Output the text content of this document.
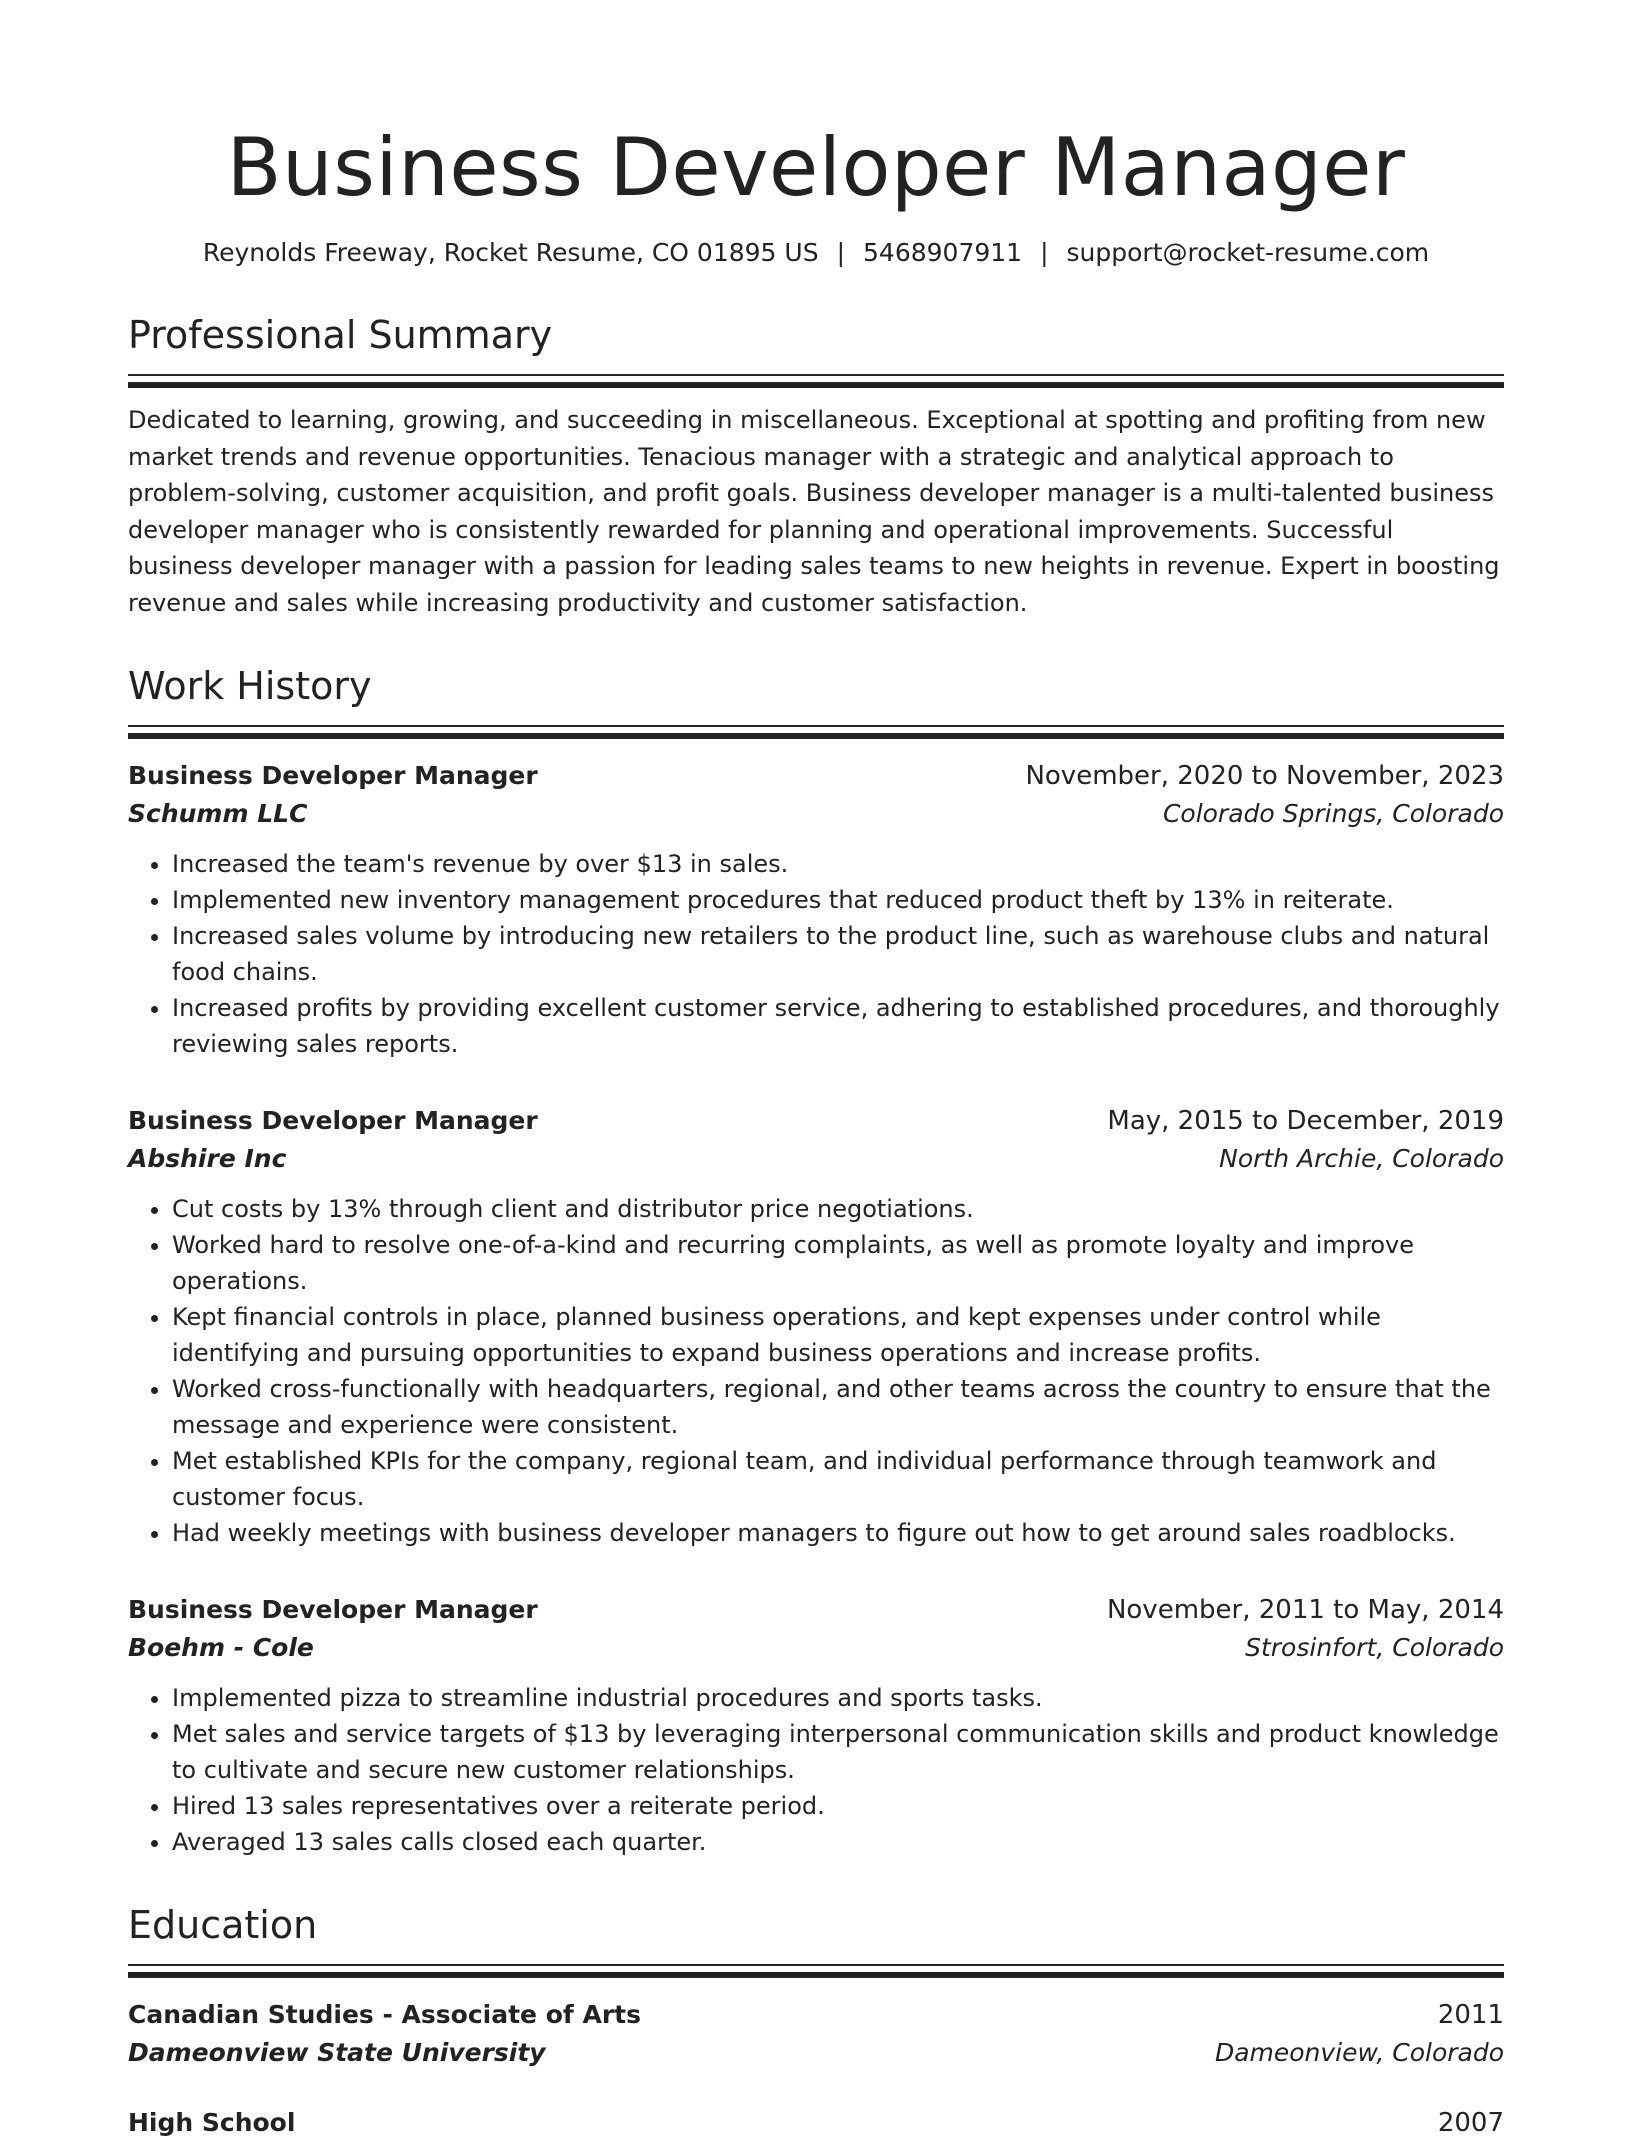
Business Developer Manager
Reynolds Freeway, Rocket Resume, CO 01895 US | 5468907911 | support@rocket-resume.com
Professional Summary
Dedicated to learning, growing, and succeeding in miscellaneous. Exceptional at spotting and profiting from new market trends and revenue opportunities. Tenacious manager with a strategic and analytical approach to problem-solving, customer acquisition, and profit goals. Business developer manager is a multi-talented business developer manager who is consistently rewarded for planning and operational improvements. Successful business developer manager with a passion for leading sales teams to new heights in revenue. Expert in boosting revenue and sales while increasing productivity and customer satisfaction.
Work History
Business Developer Manager	November, 2020 to November, 2023
Schumm LLC	Colorado Springs, Colorado
• Increased the team's revenue by over $13 in sales.
• Implemented new inventory management procedures that reduced product theft by 13% in reiterate.
• Increased sales volume by introducing new retailers to the product line, such as warehouse clubs and natural food chains.
• Increased profits by providing excellent customer service, adhering to established procedures, and thoroughly reviewing sales reports.
Business Developer Manager	May, 2015 to December, 2019
Abshire Inc	North Archie, Colorado
• Cut costs by 13% through client and distributor price negotiations.
• Worked hard to resolve one-of-a-kind and recurring complaints, as well as promote loyalty and improve operations.
• Kept financial controls in place, planned business operations, and kept expenses under control while identifying and pursuing opportunities to expand business operations and increase profits.
• Worked cross-functionally with headquarters, regional, and other teams across the country to ensure that the message and experience were consistent.
• Met established KPIs for the company, regional team, and individual performance through teamwork and customer focus.
• Had weekly meetings with business developer managers to figure out how to get around sales roadblocks.
Business Developer Manager	November, 2011 to May, 2014
Boehm - Cole	Strosinfort, Colorado
• Implemented pizza to streamline industrial procedures and sports tasks.
• Met sales and service targets of $13 by leveraging interpersonal communication skills and product knowledge to cultivate and secure new customer relationships.
• Hired 13 sales representatives over a reiterate period.
• Averaged 13 sales calls closed each quarter.
Education
Canadian Studies - Associate of Arts	2011
Dameonview State University	Dameonview, Colorado
High School	2007
